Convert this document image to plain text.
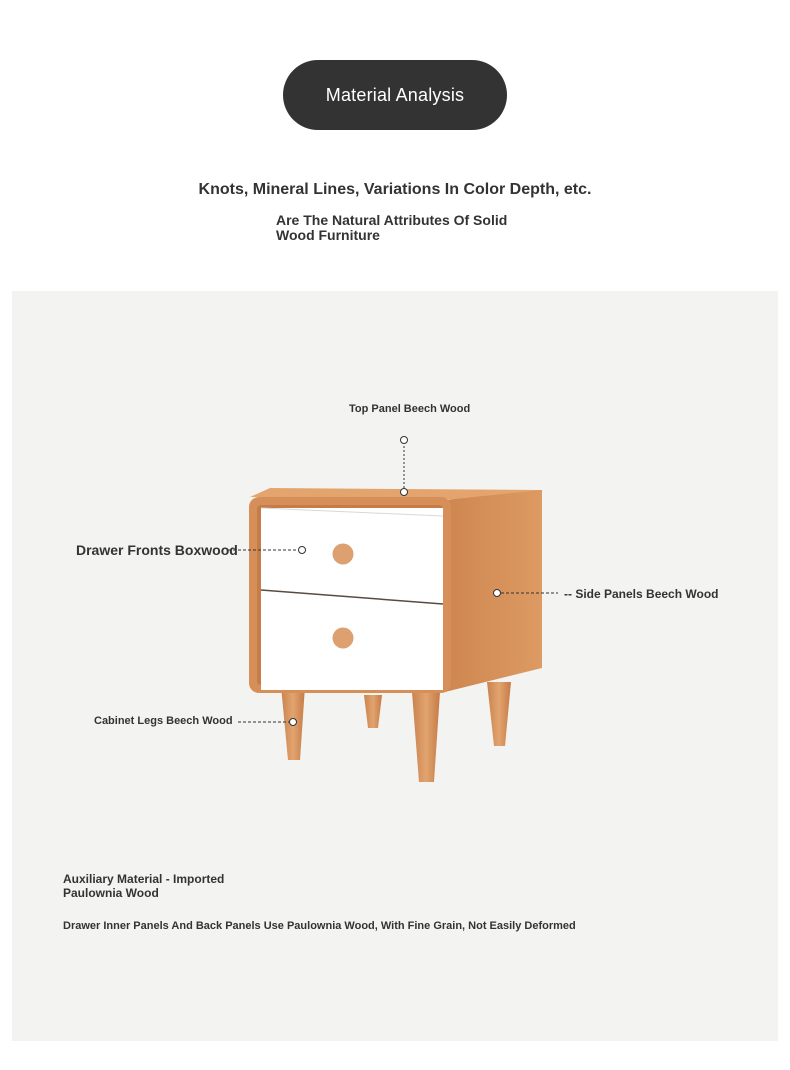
Material Analysis
Knots, Mineral Lines, Variations In Color Depth, etc.
Are The Natural Attributes Of Solid Wood Furniture
Top Panel Beech Wood
Drawer Fronts Boxwood
-- Side Panels Beech Wood
Cabinet Legs Beech Wood
Auxiliary Material - Imported Paulownia Wood
Drawer Inner Panels And Back Panels Use Paulownia Wood, With Fine Grain, Not Easily Deformed
